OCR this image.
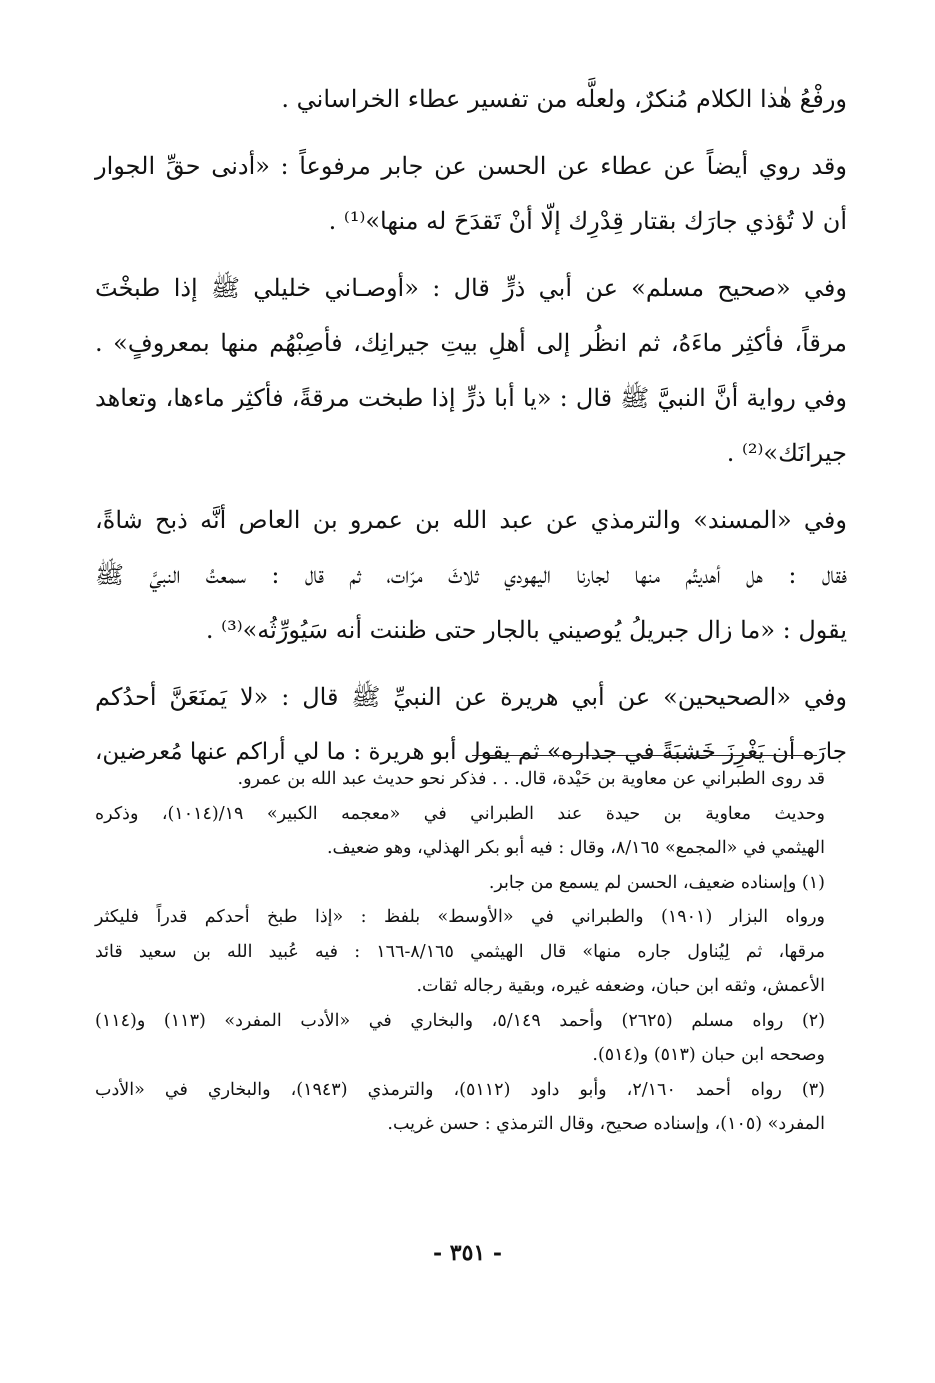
ورفْعُ هٰذا الكلام مُنكرٌ، ولعلَّه من تفسير عطاء الخراساني .
وقد روي أيضاً عن عطاء عن الحسن عن جابر مرفوعاً : «أدنى حقِّ الجوار
أن لا تُؤذي جارَك بقتار قِدْرِك إلّا أنْ تَقدَحَ له منها»⁽¹⁾ .
وفي «صحيح مسلم» عن أبي ذرٍّ قال : «أوصـاني خليلي ﷺ إذا طبخْتَ
مرقاً، فأكثِر ماءَهُ، ثم انظُر إلى أهلِ بيتِ جيرانِك، فأصِبْهُم منها بمعروفٍ» .
وفي رواية أنَّ النبيَّ ﷺ قال : «يا أبا ذرٍّ إذا طبخت مرقةً، فأكثِر ماءها، وتعاهد
جيرانَك»⁽²⁾ .
وفي «المسند» والترمذي عن عبد الله بن عمرو بن العاص أنَّه ذبح شاةً،
فقال : هل أهديتُم منها لجارنا اليهودي ثلاثَ مرّات، ثم قال : سمعتُ النبيَّ ﷺ
يقول : «ما زال جبريلُ يُوصيني بالجار حتى ظننت أنه سَيُورِّثُه»⁽³⁾ .
وفي «الصحيحين» عن أبي هريرة عن النبيِّ ﷺ قال : «لا يَمنَعَنَّ أحدُكم
جارَه أن يَغْرِزَ خَشبَةً في جداره» ثم يقول أبو هريرة : ما لي أراكم عنها مُعرضين،
قد روى الطبراني عن معاوية بن حَيْدة، قال. . . فذكر نحو حديث عبد الله بن عمرو.
وحديث معاوية بن حيدة عند الطبراني في «معجمه الكبير» ١٩/(١٠١٤)، وذكره
الهيثمي في «المجمع» ٨/١٦٥، وقال : فيه أبو بكر الهذلي، وهو ضعيف.
(١) وإسناده ضعيف، الحسن لم يسمع من جابر.
ورواه البزار (١٩٠١) والطبراني في «الأوسط» بلفظ : «إذا طبخ أحدكم قدراً فليكثر
مرقها، ثم لِيُناول جاره منها» قال الهيثمي ٨/١٦٥-١٦٦ : فيه عُبيد الله بن سعيد قائد
الأعمش، وثقه ابن حبان، وضعفه غيره، وبقية رجاله ثقات.
(٢) رواه مسلم (٢٦٢٥) وأحمد ٥/١٤٩، والبخاري في «الأدب المفرد» (١١٣) و(١١٤)
وصححه ابن حبان (٥١٣) و(٥١٤).
(٣) رواه أحمد ٢/١٦٠، وأبو داود (٥١١٢)، والترمذي (١٩٤٣)، والبخاري في «الأدب
المفرد» (١٠٥)، وإسناده صحيح، وقال الترمذي : حسن غريب.
- ٣٥١ -
